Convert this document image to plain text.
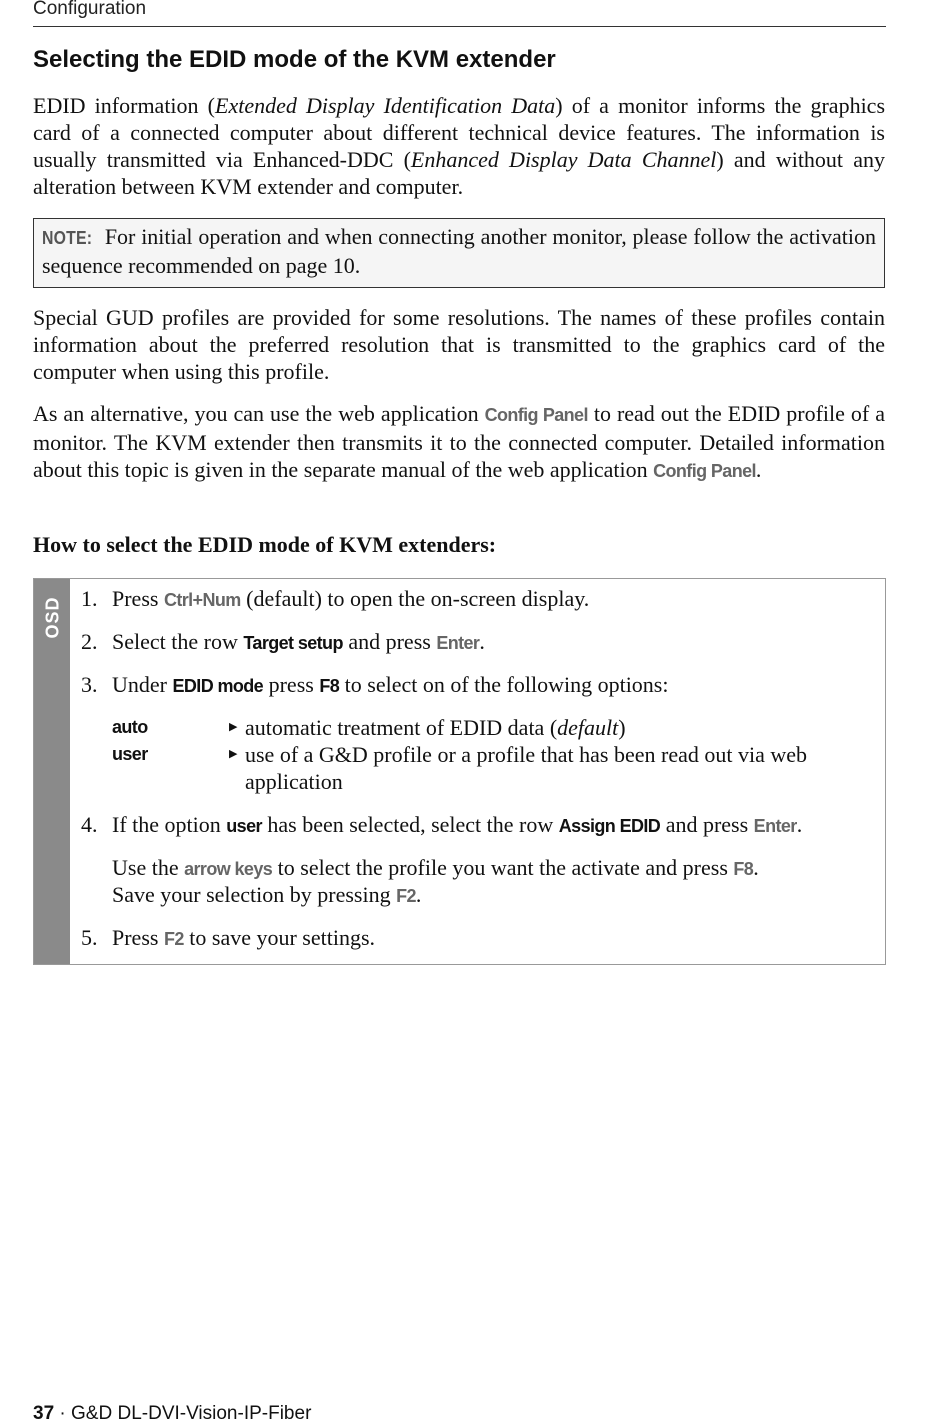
Configuration
Selecting the EDID mode of the KVM extender

EDID information (Extended Display Identification Data) of a monitor informs the graphics card of a connected computer about different technical device features. The information is usually transmitted via Enhanced-DDC (Enhanced Display Data Channel) and without any alteration between KVM extender and computer.

NOTE: For initial operation and when connecting another monitor, please follow the activation sequence recommended on page 10.

Special GUD profiles are provided for some resolutions. The names of these profiles contain information about the preferred resolution that is transmitted to the graphics card of the computer when using this profile.

As an alternative, you can use the web application Config Panel to read out the EDID profile of a monitor. The KVM extender then transmits it to the connected computer. Detailed information about this topic is given in the separate manual of the web application Config Panel.

How to select the EDID mode of KVM extenders:
OSD 1. Press Ctrl+Num (default) to open the on-screen display.
2. Select the row Target setup and press Enter.
3. Under EDID mode press F8 to select on of the following options:
auto	▶ automatic treatment of EDID data (default)
user	▶ use of a G&D profile or a profile that has been read out via web application
4. If the option user has been selected, select the row Assign EDID and press Enter.
Use the arrow keys to select the profile you want the activate and press F8.
Save your selection by pressing F2.
5. Press F2 to save your settings.
37 · G&D DL-DVI-Vision-IP-Fiber
